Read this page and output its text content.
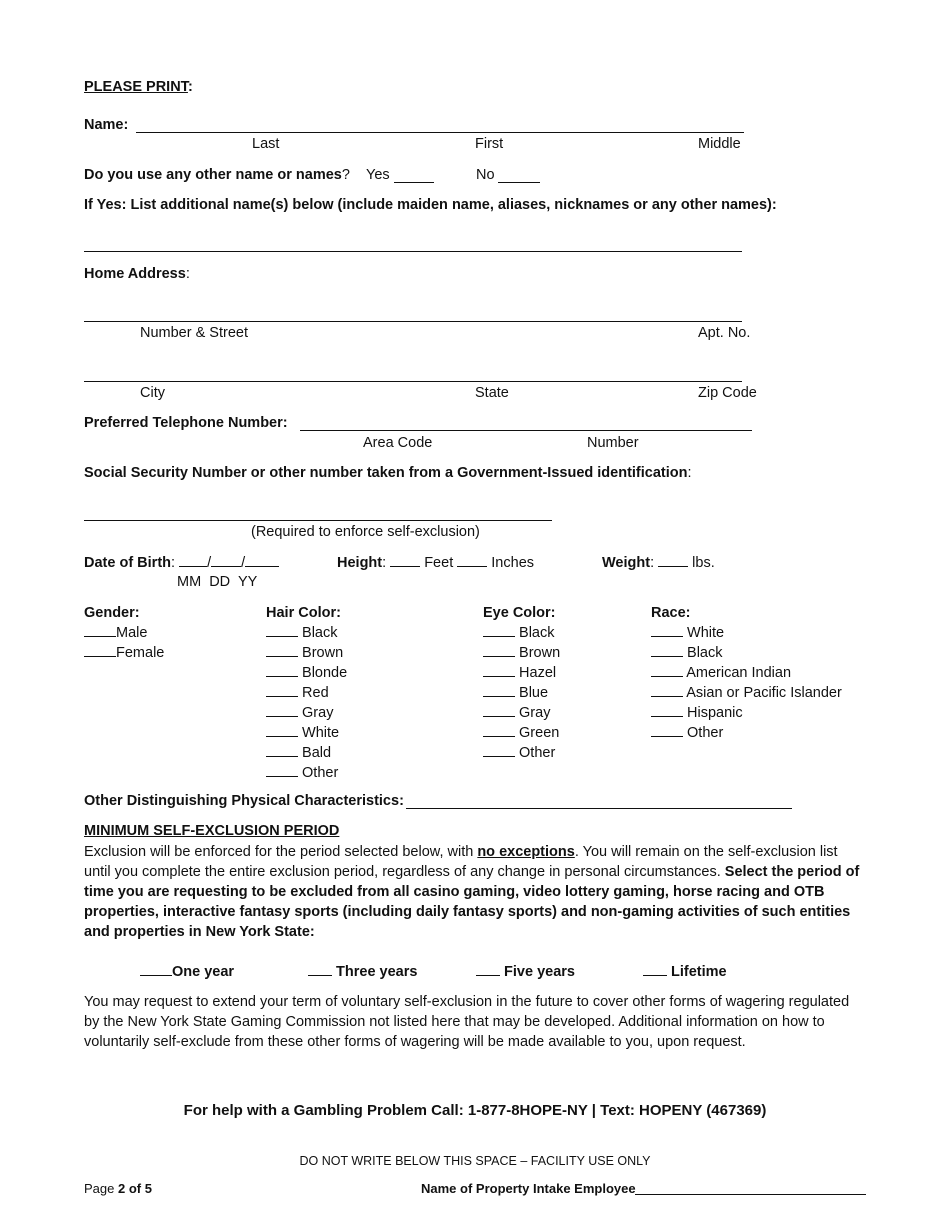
PLEASE PRINT:
Name:
Last	First	Middle
Do you use any other name or names? Yes	No
If Yes: List additional name(s) below (include maiden name, aliases, nicknames or any other names):
Home Address:
Number & Street	Apt. No.
City	State	Zip Code
Preferred Telephone Number:
Area Code	Number
Social Security Number or other number taken from a Government-Issued identification:
(Required to enforce self-exclusion)
Date of Birth: / /
MM  DD  YY
Height:	Feet	Inches	Weight:	lbs.
Gender:
Male
Female
Hair Color:
Black
Brown
Blonde
Red
Gray
White
Bald
Other
Eye Color:
Black
Brown
Hazel
Blue
Gray
Green
Other
Race:
White
Black
American Indian
Asian or Pacific Islander
Hispanic
Other
Other Distinguishing Physical Characteristics:
MINIMUM SELF-EXCLUSION PERIOD
Exclusion will be enforced for the period selected below, with no exceptions. You will remain on the self-exclusion list until you complete the entire exclusion period, regardless of any change in personal circumstances. Select the period of time you are requesting to be excluded from all casino gaming, video lottery gaming, horse racing and OTB properties, interactive fantasy sports (including daily fantasy sports) and non-gaming activities of such entities and properties in New York State:
One year	Three years	Five years	Lifetime
You may request to extend your term of voluntary self-exclusion in the future to cover other forms of wagering regulated by the New York State Gaming Commission not listed here that may be developed. Additional information on how to voluntarily self-exclude from these other forms of wagering will be made available to you, upon request.
For help with a Gambling Problem Call: 1-877-8HOPE-NY | Text: HOPENY (467369)
DO NOT WRITE BELOW THIS SPACE – FACILITY USE ONLY
Page 2 of 5	Name of Property Intake Employee
